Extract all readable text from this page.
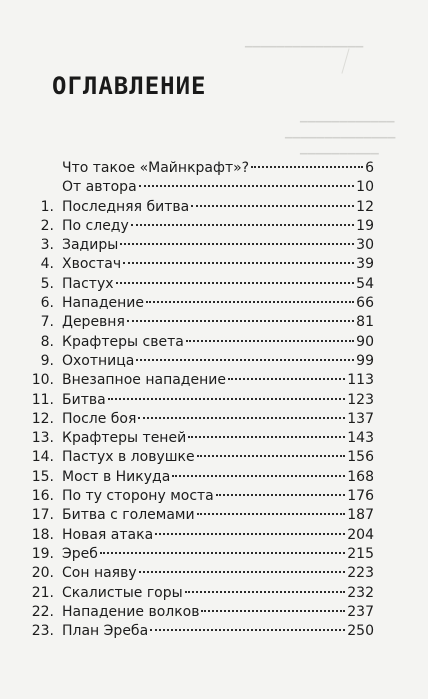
▁▁▁▁▁▁▁▁▁▁▁▁▁▁▁
▁▁▁▁▁▁▁▁▁▁▁▁
▁▁▁▁▁▁▁▁▁▁▁▁▁▁
▁▁▁▁▁▁▁▁▁▁
ОГЛАВЛЕНИЕ
Что такое «Майнкрафт»?	6
От автора	10
1. Последняя битва	12
2. По следу	19
3. Задиры	30
4. Хвостач	39
5. Пастух	54
6. Нападение	66
7. Деревня	81
8. Крафтеры света	90
9. Охотница	99
10. Внезапное нападение	113
11. Битва	123
12. После боя	137
13. Крафтеры теней	143
14. Пастух в ловушке	156
15. Мост в Никуда	168
16. По ту сторону моста	176
17. Битва с големами	187
18. Новая атака	204
19. Эреб	215
20. Сон наяву	223
21. Скалистые горы	232
22. Нападение волков	237
23. План Эреба	250
